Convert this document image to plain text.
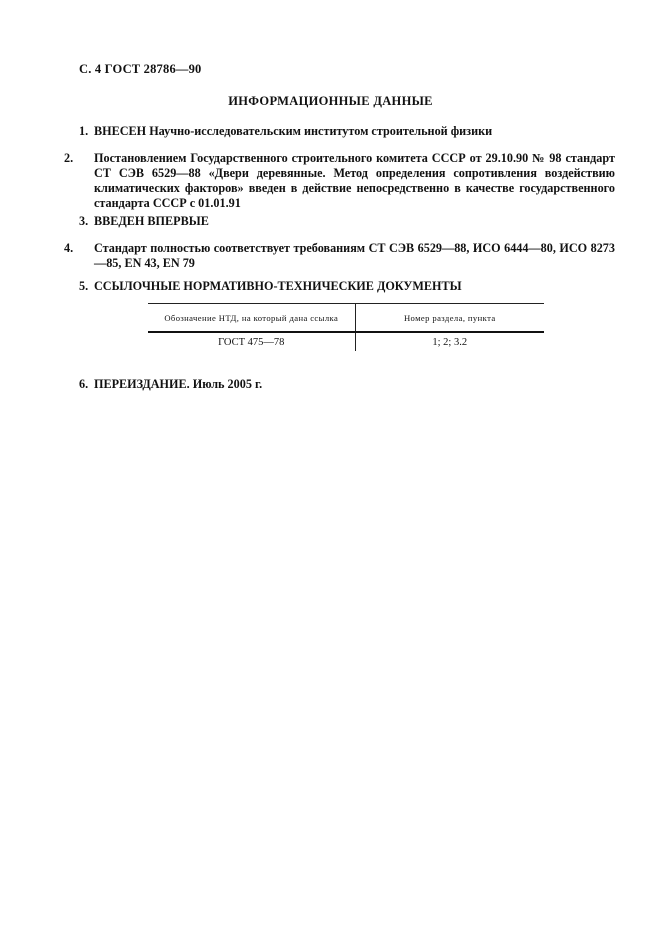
С. 4 ГОСТ 28786—90
ИНФОРМАЦИОННЫЕ ДАННЫЕ
1. ВНЕСЕН Научно-исследовательским институтом строительной физики
2. Постановлением Государственного строительного комитета СССР от 29.10.90 № 98 стандарт СТ СЭВ 6529—88 «Двери деревянные. Метод определения сопротивления воздействию климатических факторов» введен в действие непосредственно в качестве государственного стандарта СССР с 01.01.91
3. ВВЕДЕН ВПЕРВЫЕ
4. Стандарт полностью соответствует требованиям СТ СЭВ 6529—88, ИСО 6444—80, ИСО 8273—85, EN 43, EN 79
5. ССЫЛОЧНЫЕ НОРМАТИВНО-ТЕХНИЧЕСКИЕ ДОКУМЕНТЫ
Обозначение НТД, на который дана ссылка	Номер раздела, пункта
ГОСТ 475—78	1; 2; 3.2
6. ПЕРЕИЗДАНИЕ. Июль 2005 г.
